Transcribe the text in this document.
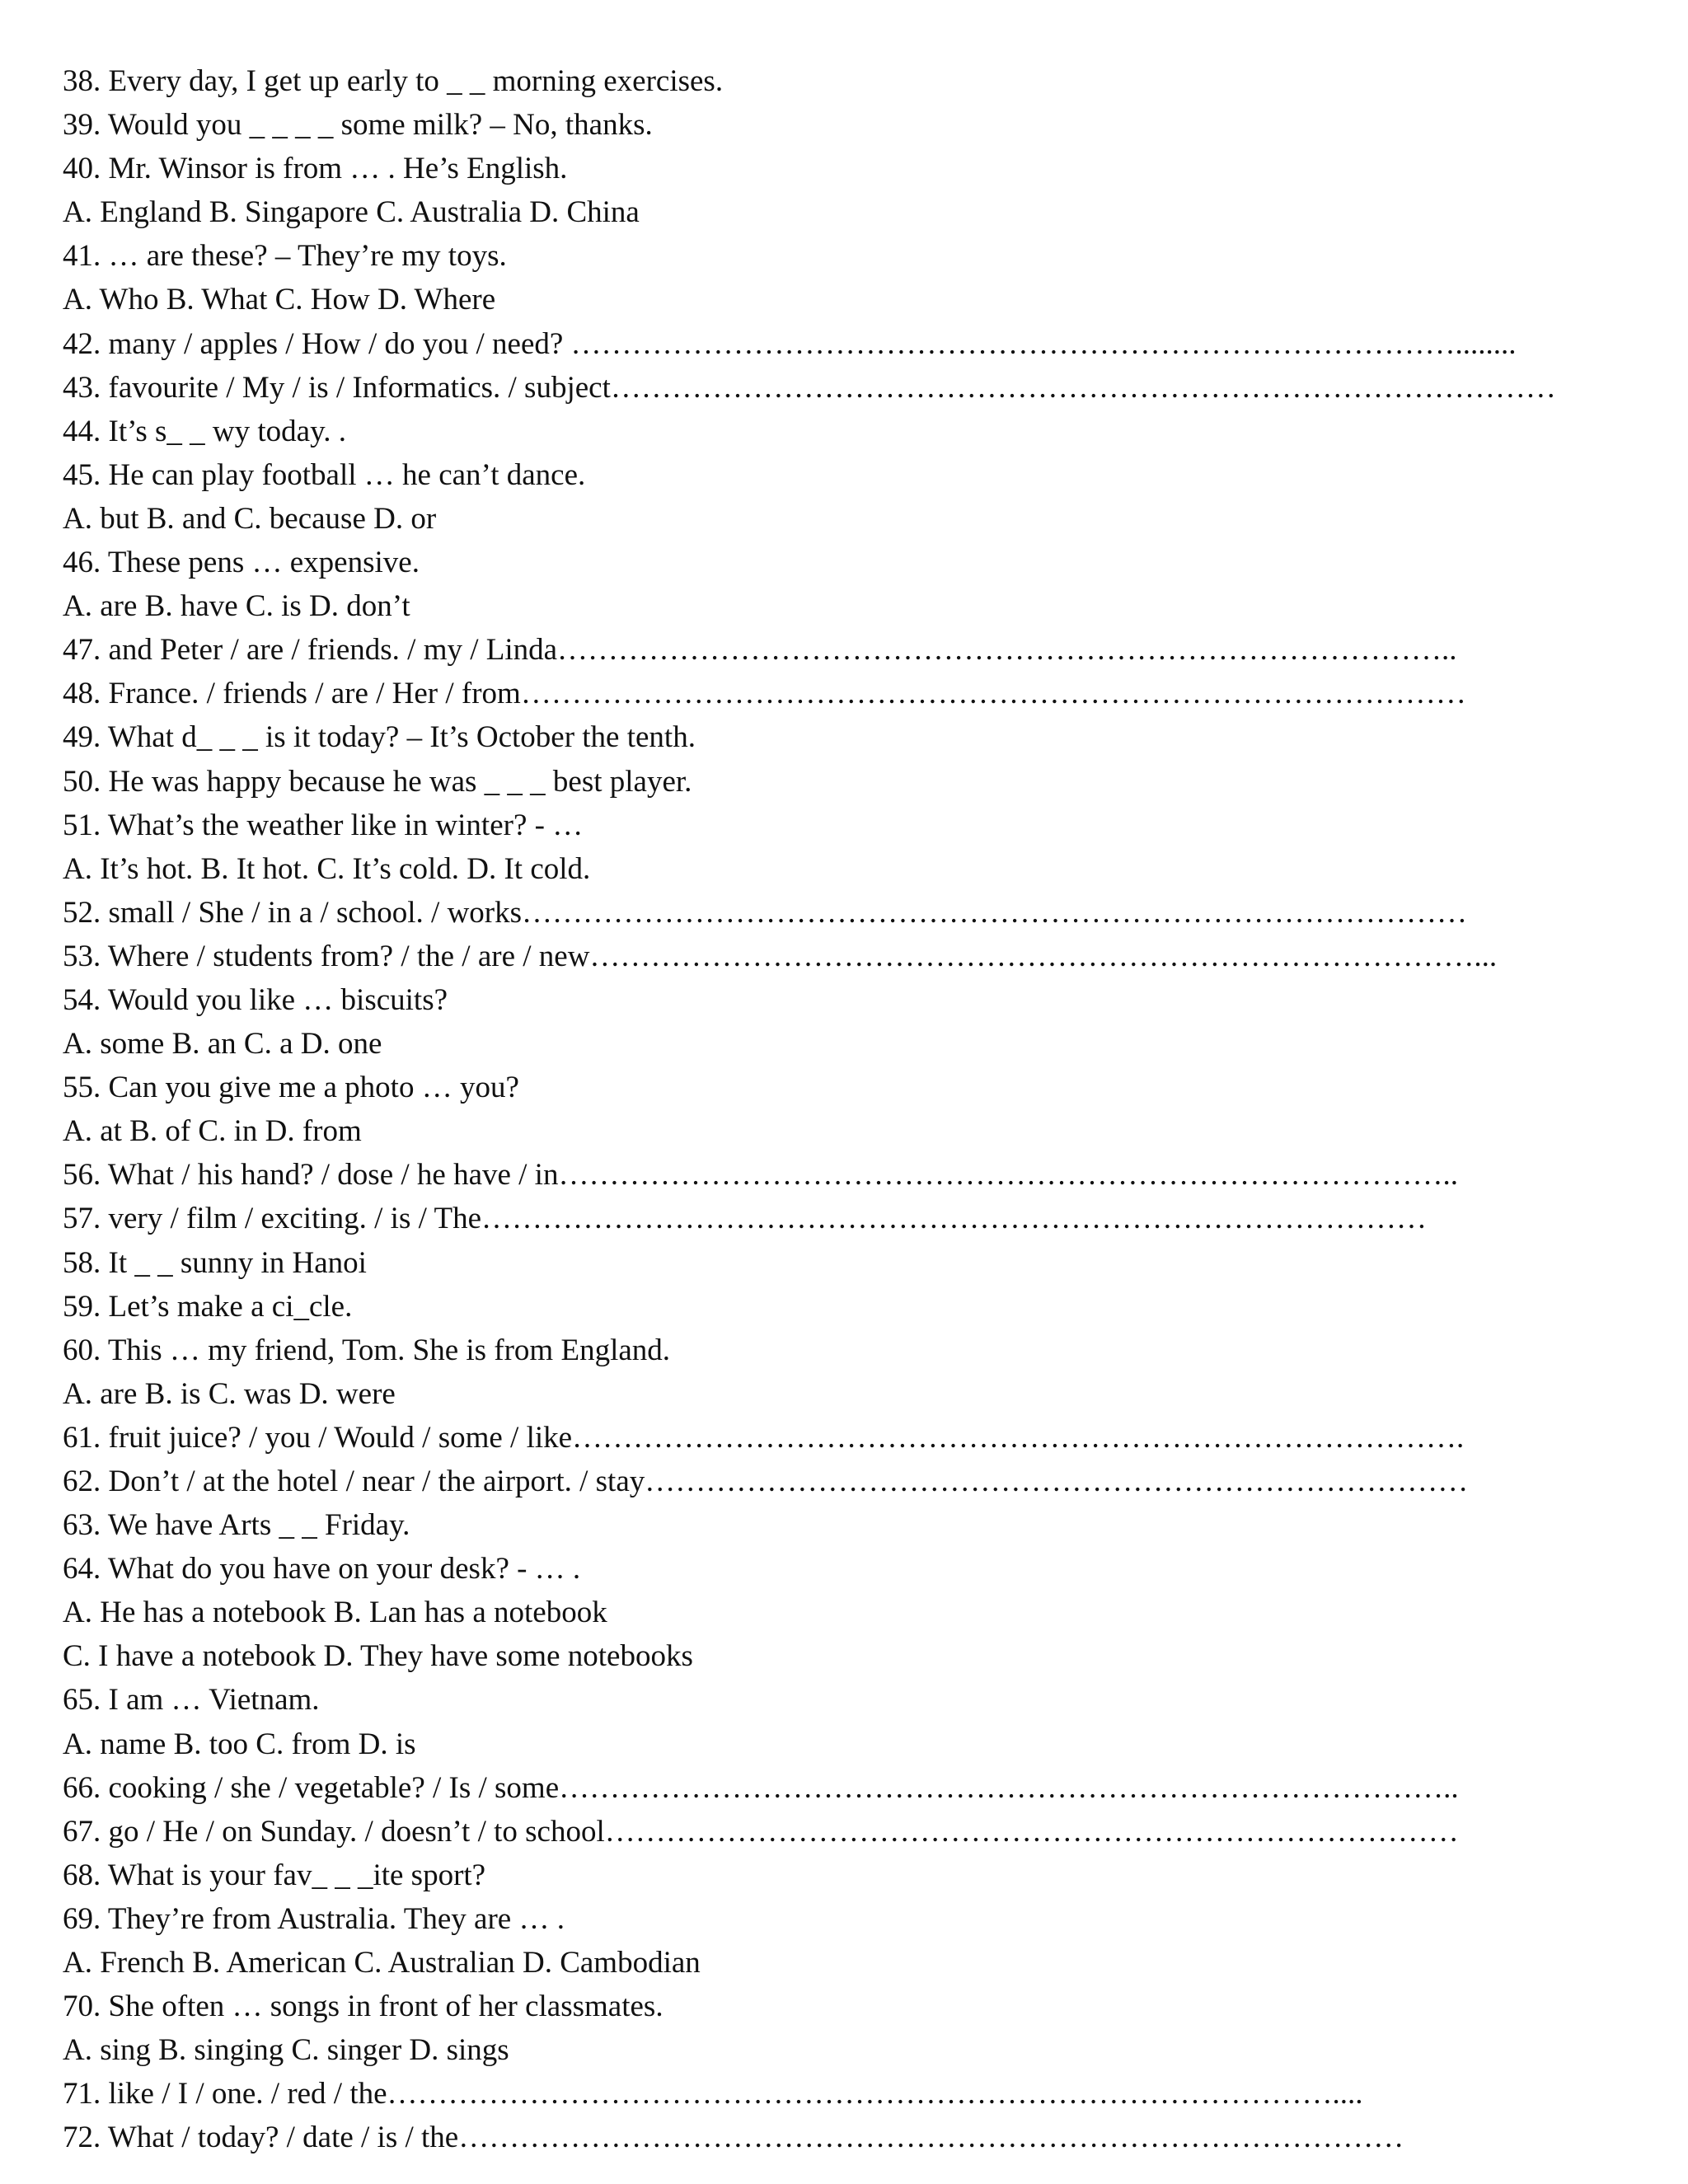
38. Every day, I get up early to _ _ morning exercises.
39. Would you _ _ _ _ some milk? – No, thanks.
40. Mr. Winsor is from … . He’s English.
A. England B. Singapore C. Australia D. China
41. … are these? – They’re my toys.
A. Who B. What C. How D. Where
42. many / apples / How / do you / need? ……………………………………………………………………………........
43. favourite / My / is / Informatics. / subject…………………………………………………………………………………
44. It’s s_ _ wy today. .
45. He can play football … he can’t dance.
A. but B. and C. because D. or
46. These pens … expensive.
A. are B. have C. is D. don’t
47. and Peter / are / friends. / my / Linda……………………………………………………………………………..
48. France. / friends / are / Her / from…………………………………………………………………………………
49. What d_ _ _ is it today? – It’s October the tenth.
50. He was happy because he was _ _ _ best player.
51. What’s the weather like in winter? - …
A. It’s hot. B. It hot. C. It’s cold. D. It cold.
52. small / She / in a / school. / works…………………………………………………………………………………
53. Where / students from? / the / are / new……………………………………………………………………………...
54. Would you like … biscuits?
A. some B. an C. a D. one
55. Can you give me a photo … you?
A. at B. of C. in D. from
56. What / his hand? / dose / he have / in……………………………………………………………………………..
57. very / film / exciting. / is / The…………………………………………………………………………………
58. It _ _ sunny in Hanoi
59. Let’s make a ci_cle.
60. This … my friend, Tom. She is from England.
A. are B. is C. was D. were
61. fruit juice? / you / Would / some / like…………………………………………………………………………….
62. Don’t / at the hotel / near / the airport. / stay………………………………………………………………………
63. We have Arts _ _ Friday.
64. What do you have on your desk? - … .
A. He has a notebook B. Lan has a notebook
C. I have a notebook D. They have some notebooks
65. I am … Vietnam.
A. name B. too C. from D. is
66. cooking / she / vegetable? / Is / some……………………………………………………………………………..
67. go / He / on Sunday. / doesn’t / to school…………………………………………………………………………
68. What is your fav_ _ _ite sport?
69. They’re from Australia. They are … .
A. French B. American C. Australian D. Cambodian
70. She often … songs in front of her classmates.
A. sing B. singing C. singer D. sings
71. like / I / one. / red / the…………………………………………………………………………………....
72. What / today? / date / is / the…………………………………………………………………………………
